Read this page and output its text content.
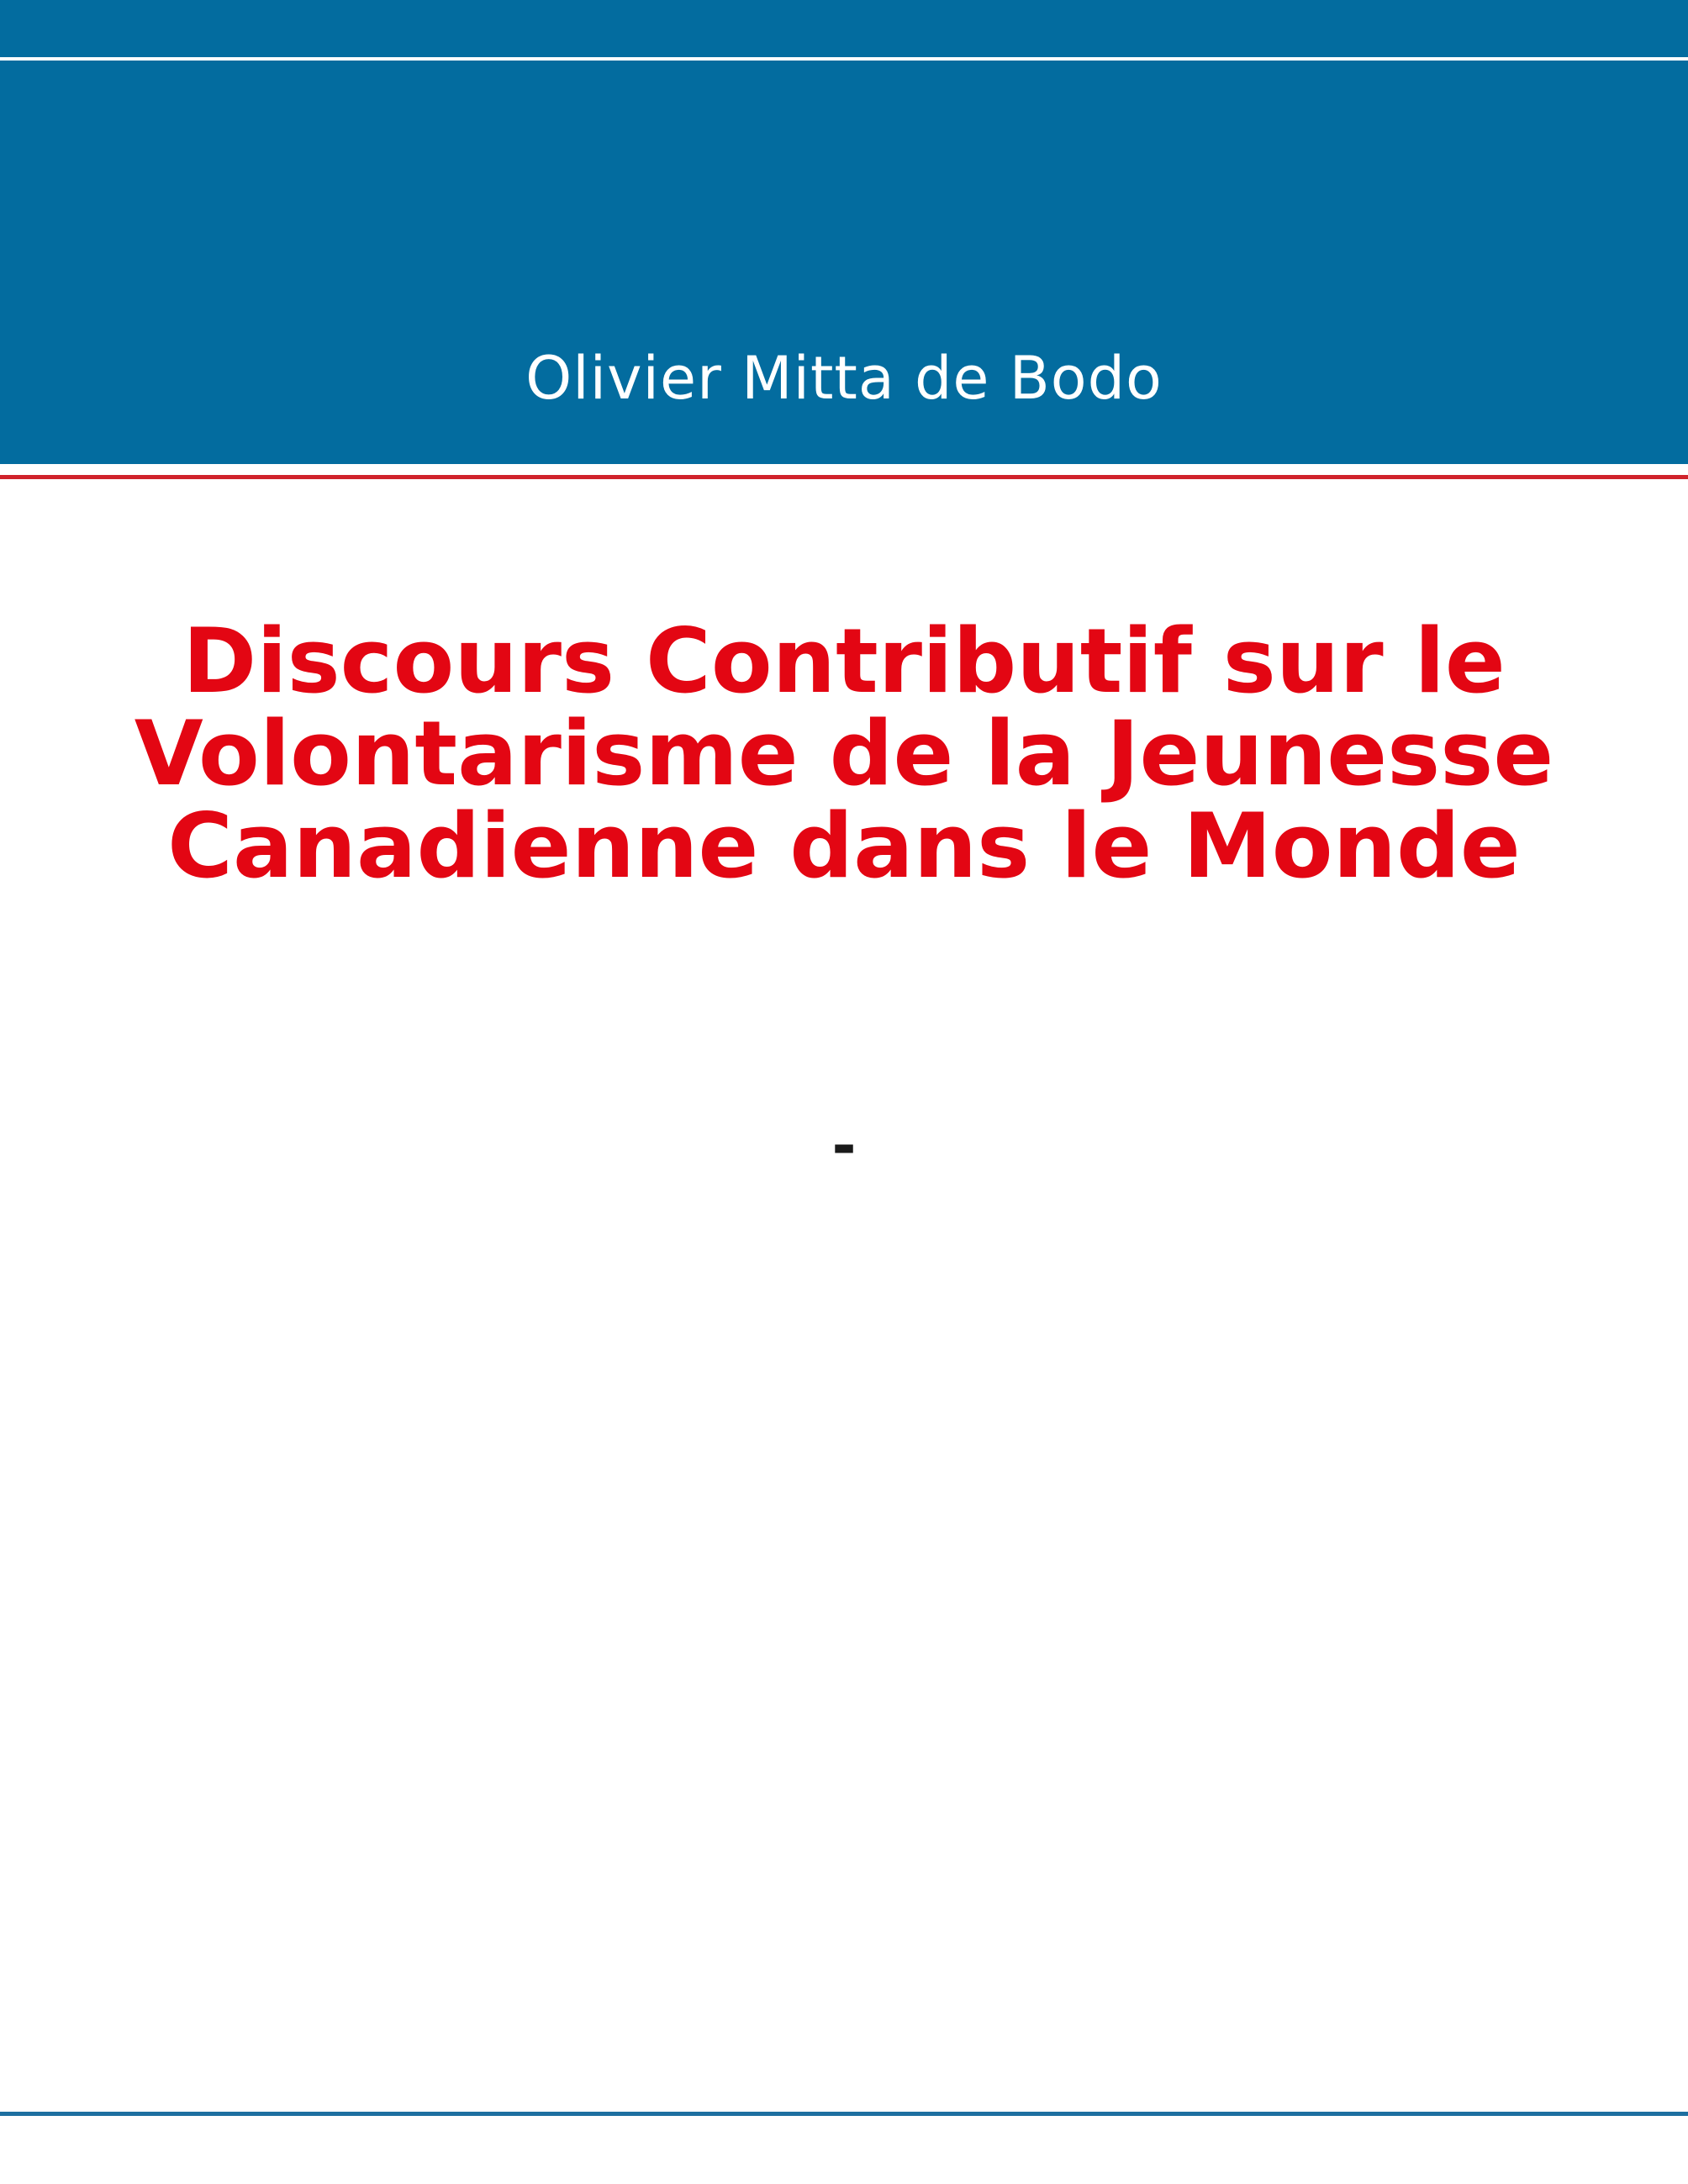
Olivier Mitta de Bodo
Discours Contributif sur le
Volontarisme de la Jeunesse
Canadienne dans le Monde
-
